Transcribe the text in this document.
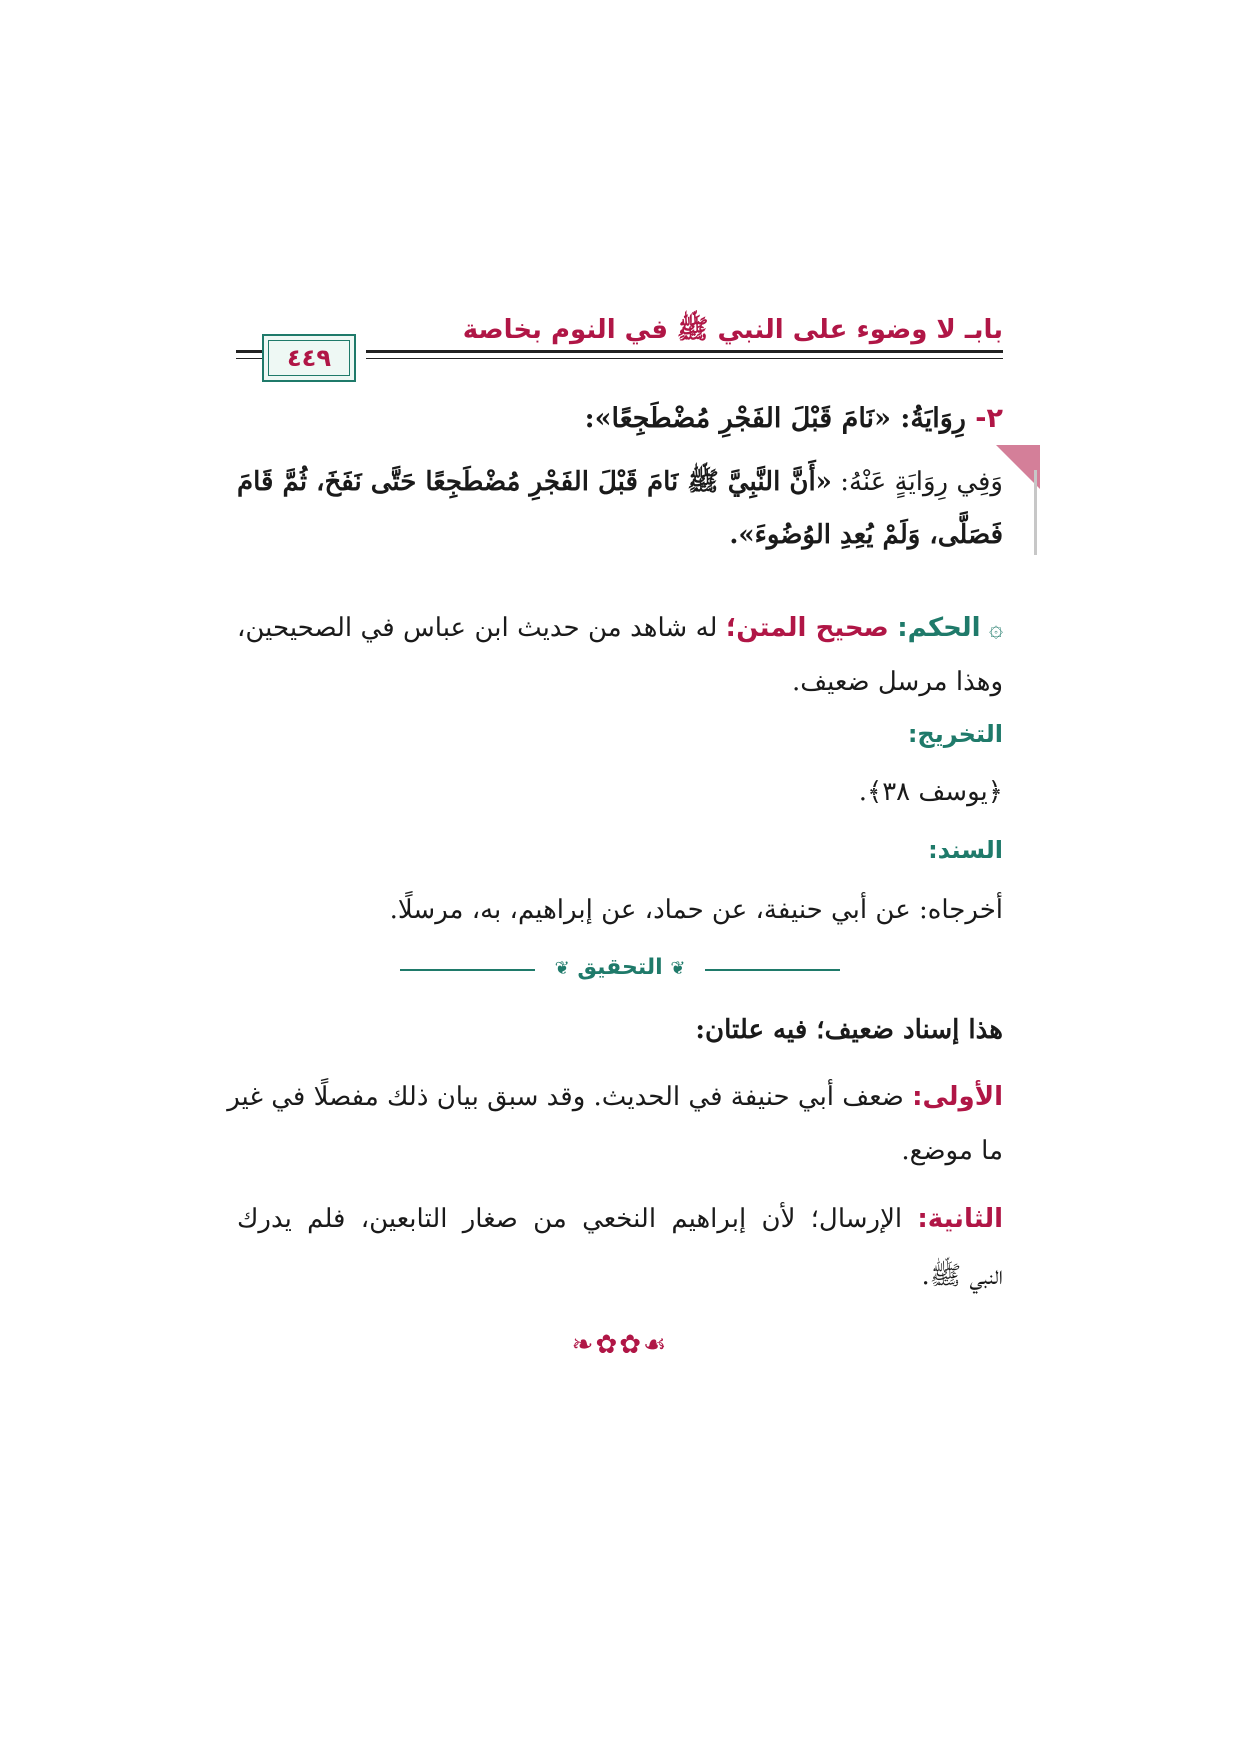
بابـ لا وضوء على النبي ﷺ في النوم بخاصة
٤٤٩
٢- رِوَايَةُ: «نَامَ قَبْلَ الفَجْرِ مُضْطَجِعًا»:
وَفِي رِوَايَةٍ عَنْهُ: «أَنَّ النَّبِيَّ ﷺ نَامَ قَبْلَ الفَجْرِ مُضْطَجِعًا حَتَّى نَفَخَ، ثُمَّ قَامَ
فَصَلَّى، وَلَمْ يُعِدِ الوُضُوءَ».
۞ الحكم: صحيح المتن؛ له شاهد من حديث ابن عباس في الصحيحين،
وهذا مرسل ضعيف.
التخريج:
﴿يوسف ٣٨﴾.
السند:
أخرجاه: عن أبي حنيفة، عن حماد، عن إبراهيم، به، مرسلًا.
❦ التحقيق ❦
هذا إسناد ضعيف؛ فيه علتان:
الأولى: ضعف أبي حنيفة في الحديث. وقد سبق بيان ذلك مفصلًا في غير
ما موضع.
الثانية: الإرسال؛ لأن إبراهيم النخعي من صغار التابعين، فلم يدرك
النبي ﷺ.
❧✿✿☙
